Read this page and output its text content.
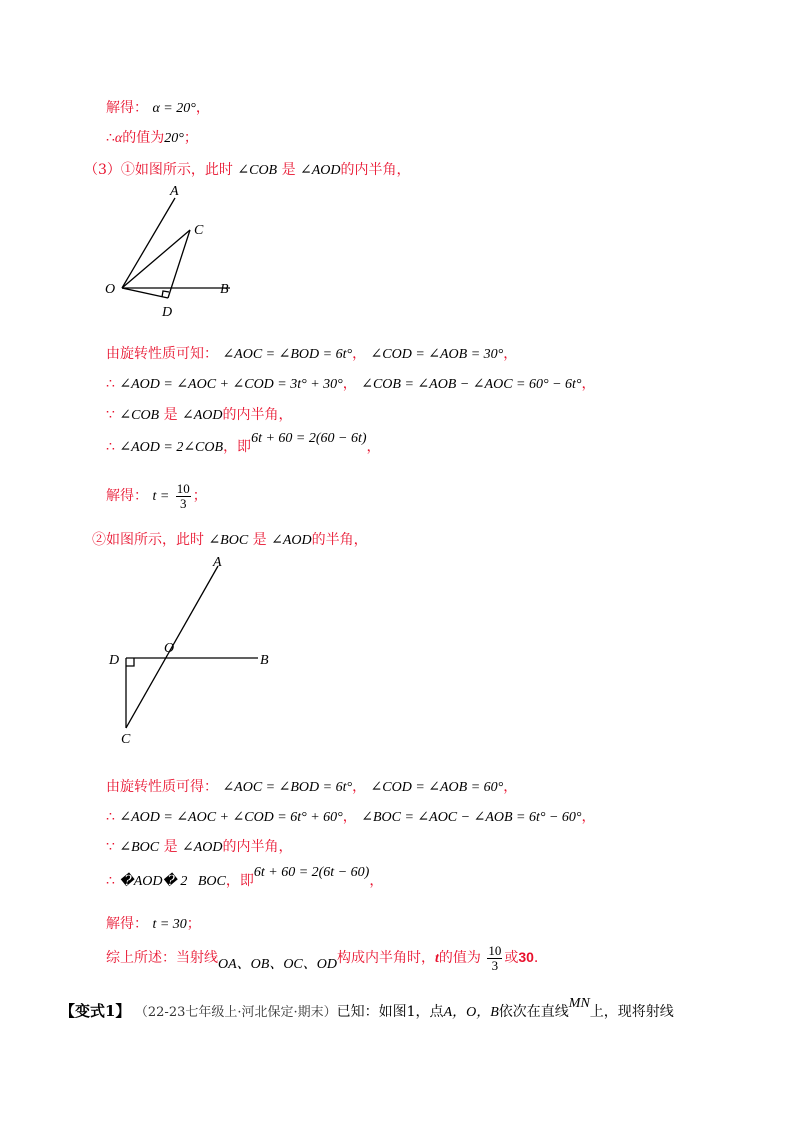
解得： α = 20°，
∴α的值为20°；
（3）①如图所示，此时 ∠COB 是 ∠AOD的内半角，
A
C
O	B
D
由旋转性质可知： ∠AOC = ∠BOD = 6t°， ∠COD = ∠AOB = 30°，
∴ ∠AOD = ∠AOC + ∠COD = 3t° + 30°， ∠COB = ∠AOB − ∠AOC = 60° − 6t°，
∵ ∠COB 是 ∠AOD的内半角，
∴ ∠AOD = 2∠COB，即6t + 60 = 2(60 − 6t)，
解得： $t = \frac{10}{3}$ ；
②如图所示，此时 ∠BOC 是 ∠AOD的半角，
A
D
O
B
C
由旋转性质可得： ∠AOC = ∠BOD = 6t°， ∠COD = ∠AOB = 60°，
∴ ∠AOD = ∠AOC + ∠COD = 6t° + 60°， ∠BOC = ∠AOC − ∠AOB = 6t° − 60°，
∵ ∠BOC 是 ∠AOD的内半角，
∴ �AOD� 2   BOC，即6t + 60 = 2(6t − 60)，
解得： t = 30；
综上所述：当射线OA、OB、OC、OD构成内半角时，t的值为 $\frac{10}{3}$ 或30.
【变式1】 （22-23七年级上·河北保定·期末）已知：如图1，点A，O，B依次在直线MN上，现将射线
